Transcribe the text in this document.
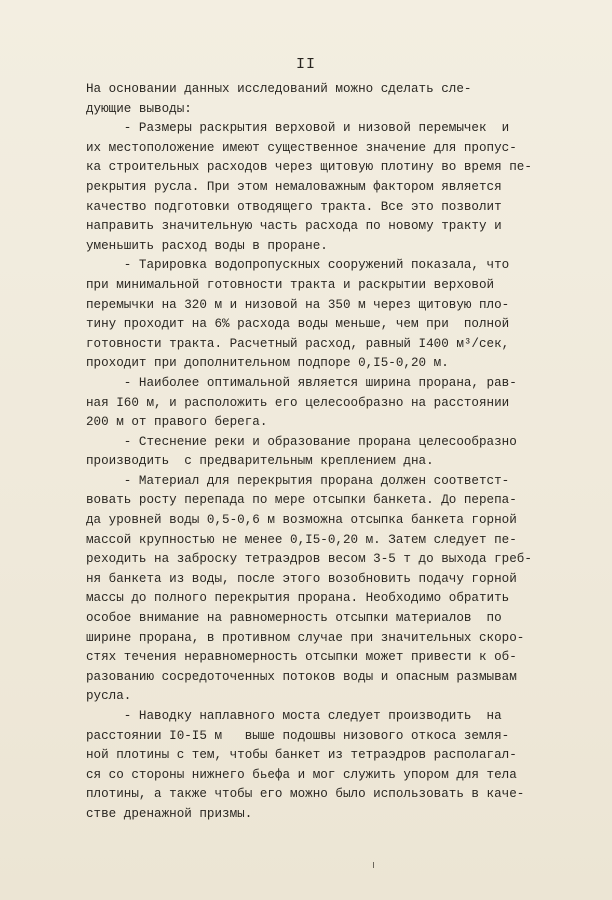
II
На основании данных исследований можно сделать сле-
дующие выводы:
- Размеры раскрытия верховой и низовой перемычек  и
их местоположение имеют существенное значение для пропус-
ка строительных расходов через щитовую плотину во время пе-
рекрытия русла. При этом немаловажным фактором является
качество подготовки отводящего тракта. Все это позволит
направить значительную часть расхода по новому тракту и
уменьшить расход воды в проране.
- Тарировка водопропускных сооружений показала, что
при минимальной готовности тракта и раскрытии верховой
перемычки на 320 м и низовой на 350 м через щитовую пло-
тину проходит на 6% расхода воды меньше, чем при  полной
готовности тракта. Расчетный расход, равный I400 м³/сек,
проходит при дополнительном подпоре 0,I5-0,20 м.
- Наиболее оптимальной является ширина прорана, рав-
ная I60 м, и расположить его целесообразно на расстоянии
200 м от правого берега.
- Стеснение реки и образование прорана целесообразно
производить  с предварительным креплением дна.
- Материал для перекрытия прорана должен соответст-
вовать росту перепада по мере отсыпки банкета. До перепа-
да уровней воды 0,5-0,6 м возможна отсыпка банкета горной
массой крупностью не менее 0,I5-0,20 м. Затем следует пе-
реходить на заброску тетраэдров весом 3-5 т до выхода греб-
ня банкета из воды, после этого возобновить подачу горной
массы до полного перекрытия прорана. Необходимо обратить
особое внимание на равномерность отсыпки материалов  по
ширине прорана, в противном случае при значительных скоро-
стях течения неравномерность отсыпки может привести к об-
разованию сосредоточенных потоков воды и опасным размывам
русла.
- Наводку наплавного моста следует производить  на
расстоянии I0-I5 м   выше подошвы низового откоса земля-
ной плотины с тем, чтобы банкет из тетраэдров располагал-
ся со стороны нижнего бьефа и мог служить упором для тела
плотины, а также чтобы его можно было использовать в каче-
стве дренажной призмы.
